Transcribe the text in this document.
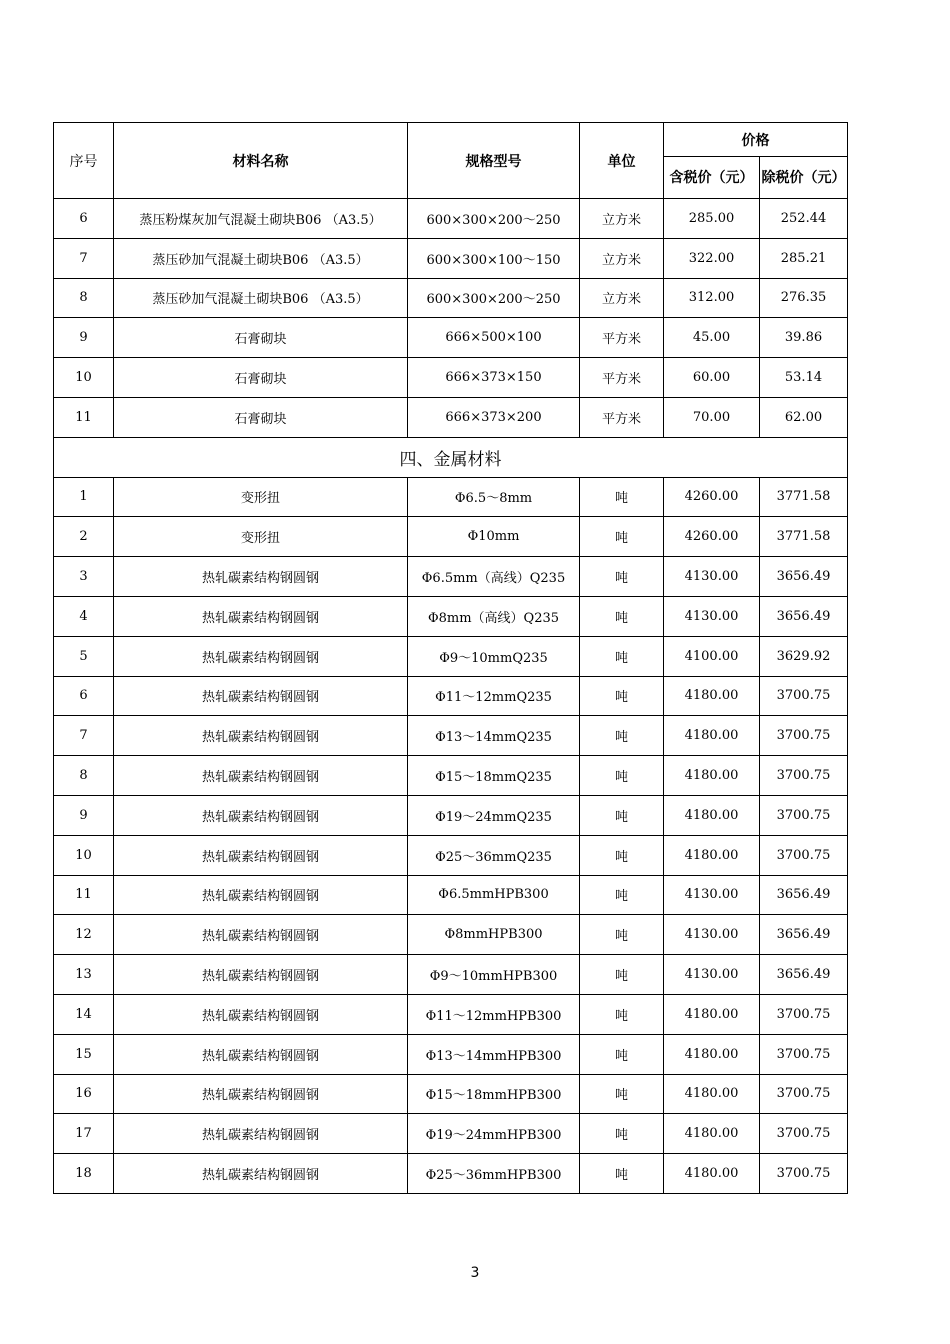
序号	材料名称	规格型号	单位	价格	
				含税价（元）	除税价（元）
6	蒸压粉煤灰加气混凝土砌块B06 （A3.5）	600×300×200～250	立方米	285.00	252.44
7	蒸压砂加气混凝土砌块B06 （A3.5）	600×300×100～150	立方米	322.00	285.21
8	蒸压砂加气混凝土砌块B06 （A3.5）	600×300×200～250	立方米	312.00	276.35
9	石膏砌块	666×500×100	平方米	45.00	39.86
10	石膏砌块	666×373×150	平方米	60.00	53.14
11	石膏砌块	666×373×200	平方米	70.00	62.00
四、金属材料					
1	变形扭	Φ6.5～8mm	吨	4260.00	3771.58
2	变形扭	Φ10mm	吨	4260.00	3771.58
3	热轧碳素结构钢圆钢	Φ6.5mm（高线）Q235	吨	4130.00	3656.49
4	热轧碳素结构钢圆钢	Φ8mm（高线）Q235	吨	4130.00	3656.49
5	热轧碳素结构钢圆钢	Φ9～10mmQ235	吨	4100.00	3629.92
6	热轧碳素结构钢圆钢	Φ11～12mmQ235	吨	4180.00	3700.75
7	热轧碳素结构钢圆钢	Φ13～14mmQ235	吨	4180.00	3700.75
8	热轧碳素结构钢圆钢	Φ15～18mmQ235	吨	4180.00	3700.75
9	热轧碳素结构钢圆钢	Φ19～24mmQ235	吨	4180.00	3700.75
10	热轧碳素结构钢圆钢	Φ25～36mmQ235	吨	4180.00	3700.75
11	热轧碳素结构钢圆钢	Φ6.5mmHPB300	吨	4130.00	3656.49
12	热轧碳素结构钢圆钢	Φ8mmHPB300	吨	4130.00	3656.49
13	热轧碳素结构钢圆钢	Φ9～10mmHPB300	吨	4130.00	3656.49
14	热轧碳素结构钢圆钢	Φ11～12mmHPB300	吨	4180.00	3700.75
15	热轧碳素结构钢圆钢	Φ13～14mmHPB300	吨	4180.00	3700.75
16	热轧碳素结构钢圆钢	Φ15～18mmHPB300	吨	4180.00	3700.75
17	热轧碳素结构钢圆钢	Φ19～24mmHPB300	吨	4180.00	3700.75
18	热轧碳素结构钢圆钢	Φ25～36mmHPB300	吨	4180.00	3700.75
3
